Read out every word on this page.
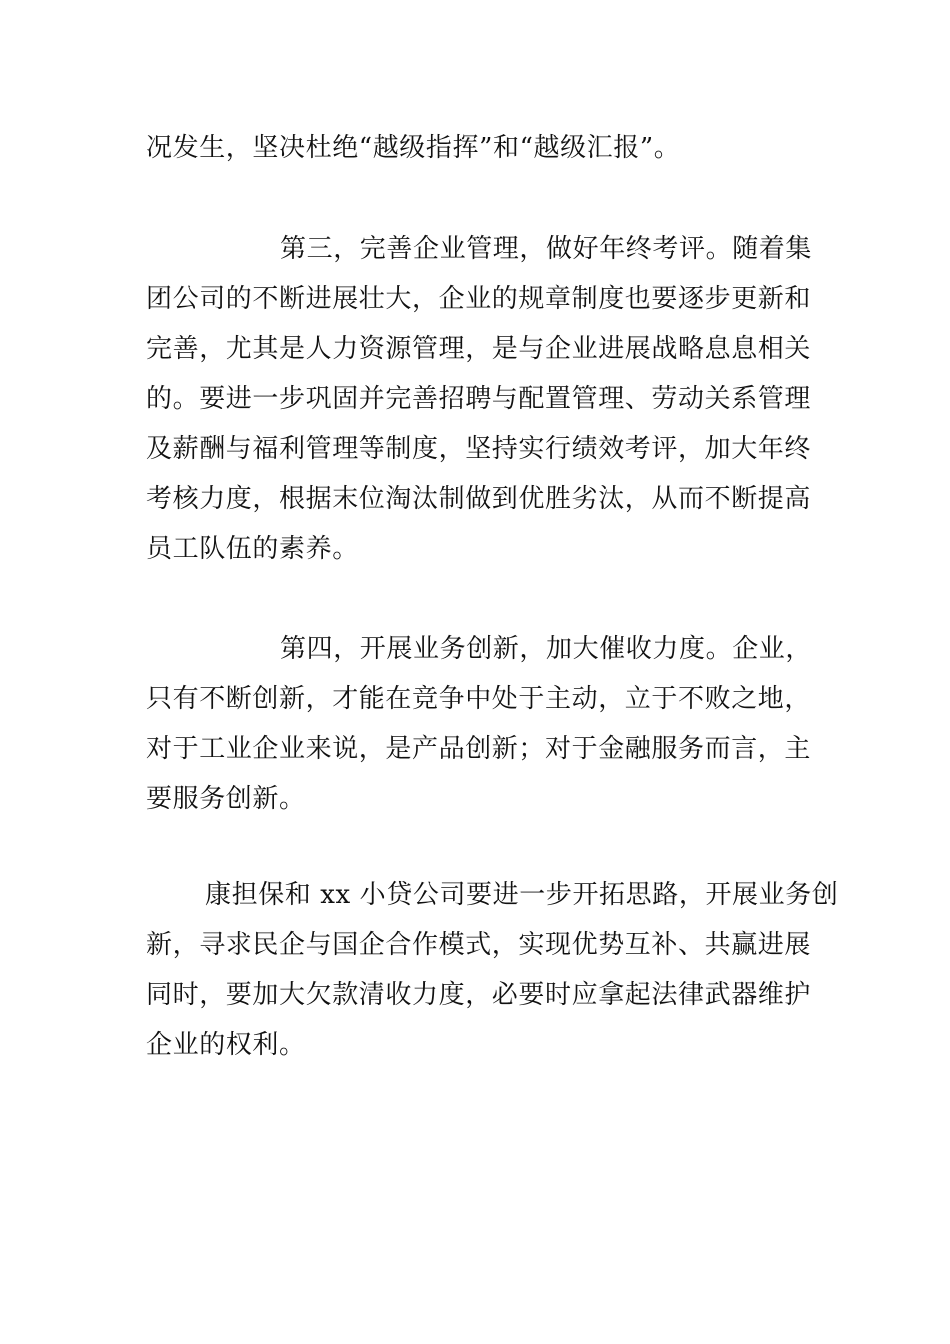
况发生，坚决杜绝“越级指挥”和“越级汇报”。
第三，完善企业管理，做好年终考评。随着集
团公司的不断进展壮大，企业的规章制度也要逐步更新和
完善，尤其是人力资源管理，是与企业进展战略息息相关
的。要进一步巩固并完善招聘与配置管理、劳动关系管理
及薪酬与福利管理等制度，坚持实行绩效考评，加大年终
考核力度，根据末位淘汰制做到优胜劣汰，从而不断提高
员工队伍的素养。
第四，开展业务创新，加大催收力度。企业，
只有不断创新，才能在竞争中处于主动，立于不败之地，
对于工业企业来说，是产品创新；对于金融服务而言，主
要服务创新。
康担保和 xx 小贷公司要进一步开拓思路，开展业务创
新，寻求民企与国企合作模式，实现优势互补、共赢进展
同时，要加大欠款清收力度，必要时应拿起法律武器维护
企业的权利。
